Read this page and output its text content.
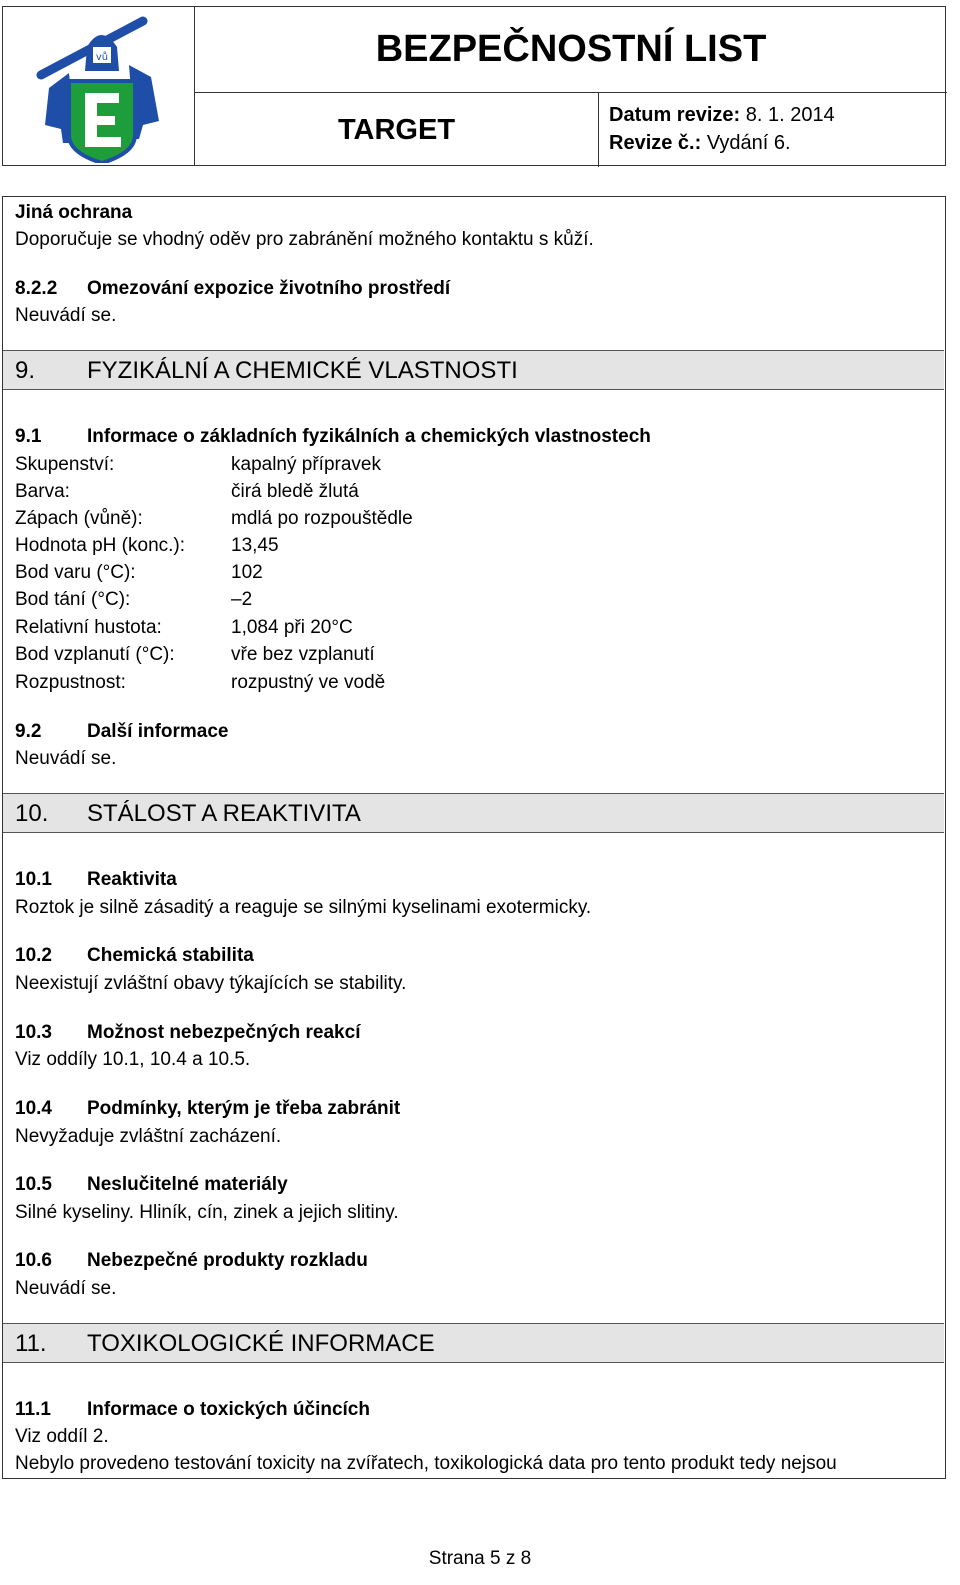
vů	BEZPEČNOSTNÍ LIST
TARGET	Datum revize: 8. 1. 2014
Revize č.: Vydání 6.
Jiná ochrana
Doporučuje se vhodný oděv pro zabránění možného kontaktu s kůží.
8.2.2 Omezování expozice životního prostředí
Neuvádí se.
9. FYZIKÁLNÍ A CHEMICKÉ VLASTNOSTI
9.1 Informace o základních fyzikálních a chemických vlastnostech
Skupenství:	kapalný přípravek
Barva:	čirá bledě žlutá
Zápach (vůně):	mdlá po rozpouštědle
Hodnota pH (konc.): 13,45
Bod varu (°C):	102
Bod tání (°C):	–2
Relativní hustota:	1,084 při 20°C
Bod vzplanutí (°C):	vře bez vzplanutí
Rozpustnost:	rozpustný ve vodě
9.2 Další informace
Neuvádí se.
10. STÁLOST A REAKTIVITA
10.1 Reaktivita
Roztok je silně zásaditý a reaguje se silnými kyselinami exotermicky.
10.2 Chemická stabilita
Neexistují zvláštní obavy týkajících se stability.
10.3 Možnost nebezpečných reakcí
Viz oddíly 10.1, 10.4 a 10.5.
10.4 Podmínky, kterým je třeba zabránit
Nevyžaduje zvláštní zacházení.
10.5 Neslučitelné materiály
Silné kyseliny. Hliník, cín, zinek a jejich slitiny.
10.6 Nebezpečné produkty rozkladu
Neuvádí se.
11. TOXIKOLOGICKÉ INFORMACE
11.1 Informace o toxických účincích
Viz oddíl 2.
Nebylo provedeno testování toxicity na zvířatech, toxikologická data pro tento produkt tedy nejsou
Strana 5 z 8
